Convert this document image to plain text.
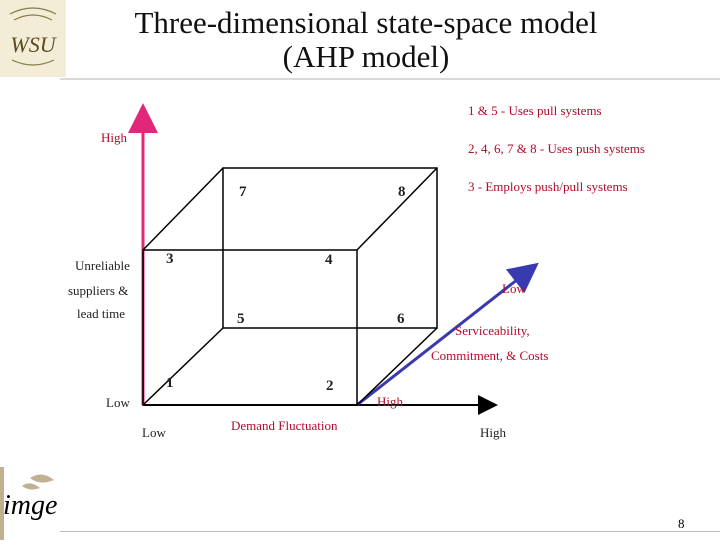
WSU
Three-dimensional state-space model
(AHP model)
1 & 5 - Uses pull systems
2, 4, 6, 7 & 8 - Uses push systems
3 - Employs push/pull systems
High
Unreliable
suppliers &
lead time
Low
Low	Demand Fluctuation	High
Low
Serviceability,
Commitment, & Costs
High
1	2
3	4
5	6
7	8
imge
8
